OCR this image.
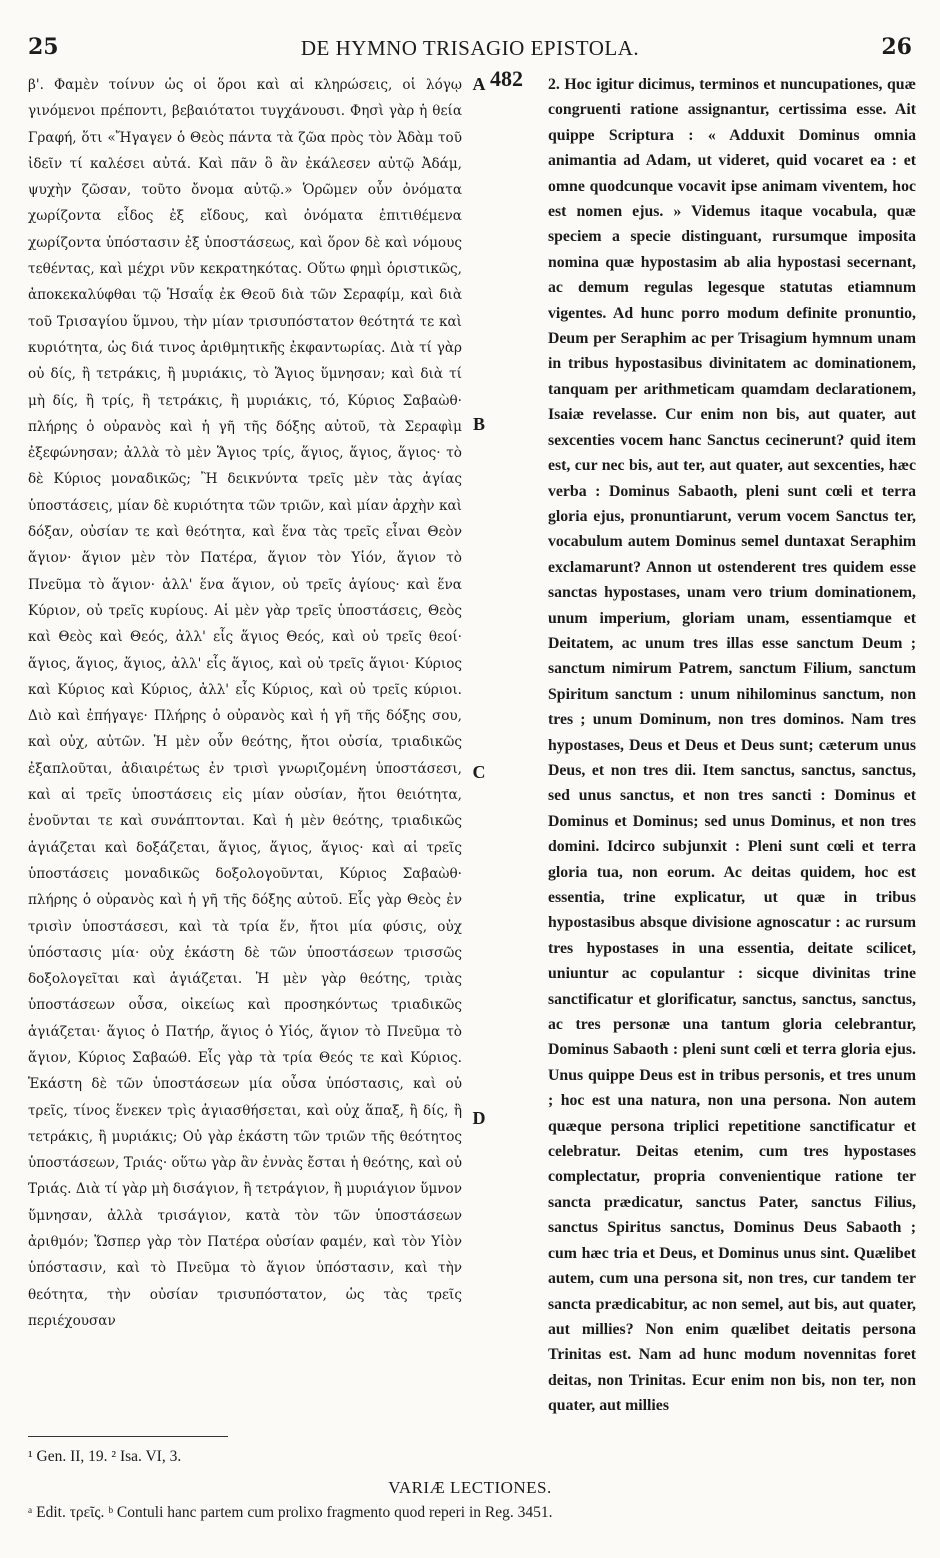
25	DE HYMNO TRISAGIO EPISTOLA.	26
β'. Φαμὲν τοίνυν ὡς οἱ ὅροι καὶ αἱ κληρώσεις, οἱ λόγῳ γινόμενοι πρέποντι, βεβαιότατοι τυγχάνουσι. Φησὶ γὰρ ἡ θεία Γραφή, ὅτι «Ἤγαγεν ὁ Θεὸς πάντα τὰ ζῶα πρὸς τὸν Ἀδὰμ τοῦ ἰδεῖν τί καλέσει αὐτά. Καὶ πᾶν ὃ ἂν ἐκάλεσεν αὐτῷ Ἀδάμ, ψυχὴν ζῶσαν, τοῦτο ὄνομα αὐτῷ.» Ὁρῶμεν οὖν ὀνόματα χωρίζοντα εἶδος ἐξ εἴδους, καὶ ὀνόματα ἐπιτιθέμενα χωρίζοντα ὑπόστασιν ἐξ ὑποστάσεως, καὶ ὅρον δὲ καὶ νόμους τεθέντας, καὶ μέχρι νῦν κεκρατηκότας. Οὕτω φημὶ ὁριστικῶς, ἀποκεκαλύφθαι τῷ Ἡσαΐᾳ ἐκ Θεοῦ διὰ τῶν Σεραφίμ, καὶ διὰ τοῦ Τρισαγίου ὕμνου, τὴν μίαν τρισυπόστατον θεότητά τε καὶ κυριότητα, ὡς διά τινος ἀριθμητικῆς ἐκφαντωρίας. Διὰ τί γὰρ οὐ δίς, ἢ τετράκις, ἢ μυριάκις, τὸ Ἅγιος ὕμνησαν; καὶ διὰ τί μὴ δίς, ἢ τρίς, ἢ τετράκις, ἢ μυριάκις, τό, Κύριος Σαβαὼθ· πλήρης ὁ οὐρανὸς καὶ ἡ γῆ τῆς δόξης αὐτοῦ, τὰ Σεραφὶμ ἐξεφώνησαν; ἀλλὰ τὸ μὲν Ἅγιος τρίς, ἅγιος, ἅγιος, ἅγιος· τὸ δὲ Κύριος μοναδικῶς; Ἢ δεικνύντα τρεῖς μὲν τὰς ἁγίας ὑποστάσεις, μίαν δὲ κυριότητα τῶν τριῶν, καὶ μίαν ἀρχὴν καὶ δόξαν, οὐσίαν τε καὶ θεότητα, καὶ ἕνα τὰς τρεῖς εἶναι Θεὸν ἅγιον· ἅγιον μὲν τὸν Πατέρα, ἅγιον τὸν Υἱόν, ἅγιον τὸ Πνεῦμα τὸ ἅγιον· ἀλλ' ἕνα ἅγιον, οὐ τρεῖς ἁγίους· καὶ ἕνα Κύριον, οὐ τρεῖς κυρίους. Αἱ μὲν γὰρ τρεῖς ὑποστάσεις, Θεὸς καὶ Θεὸς καὶ Θεός, ἀλλ' εἷς ἅγιος Θεός, καὶ οὐ τρεῖς θεοί· ἅγιος, ἅγιος, ἅγιος, ἀλλ' εἷς ἅγιος, καὶ οὐ τρεῖς ἅγιοι· Κύριος καὶ Κύριος καὶ Κύριος, ἀλλ' εἷς Κύριος, καὶ οὐ τρεῖς κύριοι. Διὸ καὶ ἐπήγαγε· Πλήρης ὁ οὐρανὸς καὶ ἡ γῆ τῆς δόξης σου, καὶ οὐχ, αὐτῶν. Ἡ μὲν οὖν θεότης, ἤτοι οὐσία, τριαδικῶς ἐξαπλοῦται, ἀδιαιρέτως ἐν τρισὶ γνωριζομένη ὑποστάσεσι, καὶ αἱ τρεῖς ὑποστάσεις εἰς μίαν οὐσίαν, ἤτοι θειότητα, ἑνοῦνται τε καὶ συνάπτονται. Καὶ ἡ μὲν θεότης, τριαδικῶς ἁγιάζεται καὶ δοξάζεται, ἅγιος, ἅγιος, ἅγιος· καὶ αἱ τρεῖς ὑποστάσεις μοναδικῶς δοξολογοῦνται, Κύριος Σαβαὼθ· πλήρης ὁ οὐρανὸς καὶ ἡ γῆ τῆς δόξης αὐτοῦ. Εἷς γὰρ Θεὸς ἐν τρισὶν ὑποστάσεσι, καὶ τὰ τρία ἕν, ἤτοι μία φύσις, οὐχ ὑπόστασις μία· οὐχ ἑκάστη δὲ τῶν ὑποστάσεων τρισσῶς δοξολογεῖται καὶ ἁγιάζεται. Ἡ μὲν γὰρ θεότης, τριὰς ὑποστάσεων οὖσα, οἰκείως καὶ προσηκόντως τριαδικῶς ἁγιάζεται· ἅγιος ὁ Πατήρ, ἅγιος ὁ Υἱός, ἅγιον τὸ Πνεῦμα τὸ ἅγιον, Κύριος Σαβαώθ. Εἷς γὰρ τὰ τρία Θεός τε καὶ Κύριος. Ἑκάστη δὲ τῶν ὑποστάσεων μία οὖσα ὑπόστασις, καὶ οὐ τρεῖς, τίνος ἕνεκεν τρὶς ἁγιασθήσεται, καὶ οὐχ ἅπαξ, ἢ δίς, ἢ τετράκις, ἢ μυριάκις; Οὐ γὰρ ἑκάστη τῶν τριῶν τῆς θεότητος ὑποστάσεων, Τριάς· οὕτω γὰρ ἂν ἐννὰς ἔσται ἡ θεότης, καὶ οὐ Τριάς. Διὰ τί γὰρ μὴ δισάγιον, ἢ τετράγιον, ἢ μυριάγιον ὕμνον ὕμνησαν, ἀλλὰ τρισάγιον, κατὰ τὸν τῶν ὑποστάσεων ἀριθμόν; Ὥσπερ γὰρ τὸν Πατέρα οὐσίαν φαμέν, καὶ τὸν Υἱὸν ὑπόστασιν, καὶ τὸ Πνεῦμα τὸ ἅγιον ὑπόστασιν, καὶ τὴν θεότητα, τὴν οὐσίαν τρισυπόστατον, ὡς τὰς τρεῖς περιέχουσαν
482
A
B
C
D
2. Hoc igitur dicimus, terminos et nuncupationes, quæ congruenti ratione assignantur, certissima esse. Ait quippe Scriptura : « Adduxit Dominus omnia animantia ad Adam, ut videret, quid vocaret ea : et omne quodcunque vocavit ipse animam viventem, hoc est nomen ejus. » Videmus itaque vocabula, quæ speciem a specie distinguant, rursumque imposita nomina quæ hypostasim ab alia hypostasi secernant, ac demum regulas legesque statutas etiamnum vigentes. Ad hunc porro modum definite pronuntio, Deum per Seraphim ac per Trisagium hymnum unam in tribus hypostasibus divinitatem ac dominationem, tanquam per arithmeticam quamdam declarationem, Isaiæ revelasse. Cur enim non bis, aut quater, aut sexcenties vocem hanc Sanctus cecinerunt? quid item est, cur nec bis, aut ter, aut quater, aut sexcenties, hæc verba : Dominus Sabaoth, pleni sunt cœli et terra gloria ejus, pronuntiarunt, verum vocem Sanctus ter, vocabulum autem Dominus semel duntaxat Seraphim exclamarunt? Annon ut ostenderent tres quidem esse sanctas hypostases, unam vero trium dominationem, unum imperium, gloriam unam, essentiamque et Deitatem, ac unum tres illas esse sanctum Deum ; sanctum nimirum Patrem, sanctum Filium, sanctum Spiritum sanctum : unum nihilominus sanctum, non tres ; unum Dominum, non tres dominos. Nam tres hypostases, Deus et Deus et Deus sunt; cæterum unus Deus, et non tres dii. Item sanctus, sanctus, sanctus, sed unus sanctus, et non tres sancti : Dominus et Dominus et Dominus; sed unus Dominus, et non tres domini. Idcirco subjunxit : Pleni sunt cœli et terra gloria tua, non eorum. Ac deitas quidem, hoc est essentia, trine explicatur, ut quæ in tribus hypostasibus absque divisione agnoscatur : ac rursum tres hypostases in una essentia, deitate scilicet, uniuntur ac copulantur : sicque divinitas trine sanctificatur et glorificatur, sanctus, sanctus, sanctus, ac tres personæ una tantum gloria celebrantur, Dominus Sabaoth : pleni sunt cœli et terra gloria ejus. Unus quippe Deus est in tribus personis, et tres unum ; hoc est una natura, non una persona. Non autem quæque persona triplici repetitione sanctificatur et celebratur. Deitas etenim, cum tres hypostases complectatur, propria convenientique ratione ter sancta prædicatur, sanctus Pater, sanctus Filius, sanctus Spiritus sanctus, Dominus Deus Sabaoth ; cum hæc tria et Deus, et Dominus unus sint. Quælibet autem, cum una persona sit, non tres, cur tandem ter sancta prædicabitur, ac non semel, aut bis, aut quater, aut millies? Non enim quælibet deitatis persona Trinitas est. Nam ad hunc modum novennitas foret deitas, non Trinitas. Ecur enim non bis, non ter, non quater, aut millies
¹ Gen. II, 19. ² Isa. VI, 3.
VARIÆ LECTIONES.
ᵃ Edit. τρεῖς. ᵇ Contuli hanc partem cum prolixo fragmento quod reperi in Reg. 3451.
